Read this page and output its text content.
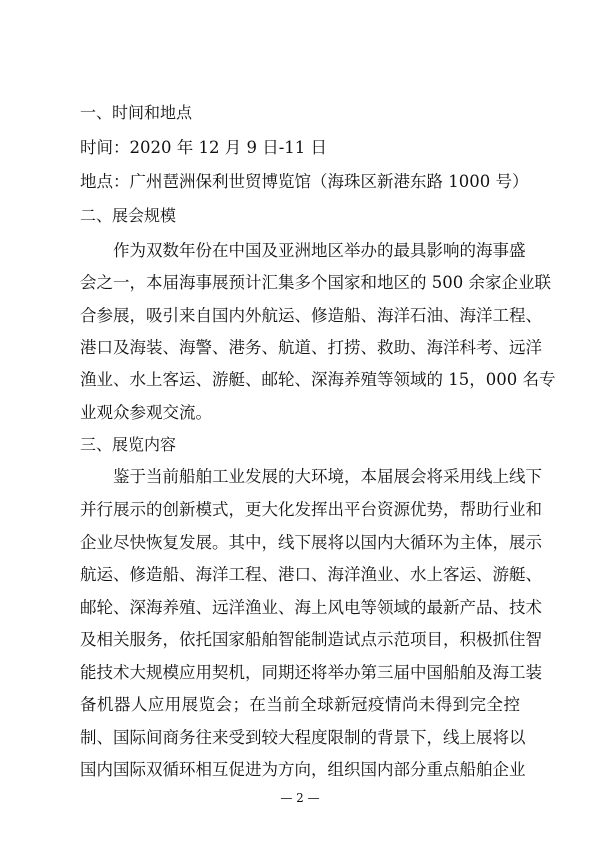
一、时间和地点
时间：2020 年 12 月 9 日-11 日
地点：广州琶洲保利世贸博览馆（海珠区新港东路 1000 号）
二、展会规模
作为双数年份在中国及亚洲地区举办的最具影响的海事盛
会之一，本届海事展预计汇集多个国家和地区的 500 余家企业联
合参展，吸引来自国内外航运、修造船、海洋石油、海洋工程、
港口及海装、海警、港务、航道、打捞、救助、海洋科考、远洋
渔业、水上客运、游艇、邮轮、深海养殖等领域的 15，000 名专
业观众参观交流。
三、展览内容
鉴于当前船舶工业发展的大环境，本届展会将采用线上线下
并行展示的创新模式，更大化发挥出平台资源优势，帮助行业和
企业尽快恢复发展。其中，线下展将以国内大循环为主体，展示
航运、修造船、海洋工程、港口、海洋渔业、水上客运、游艇、
邮轮、深海养殖、远洋渔业、海上风电等领域的最新产品、技术
及相关服务，依托国家船舶智能制造试点示范项目，积极抓住智
能技术大规模应用契机，同期还将举办第三届中国船舶及海工装
备机器人应用展览会；在当前全球新冠疫情尚未得到完全控
制、国际间商务往来受到较大程度限制的背景下，线上展将以
国内国际双循环相互促进为方向，组织国内部分重点船舶企业
— 2 —
